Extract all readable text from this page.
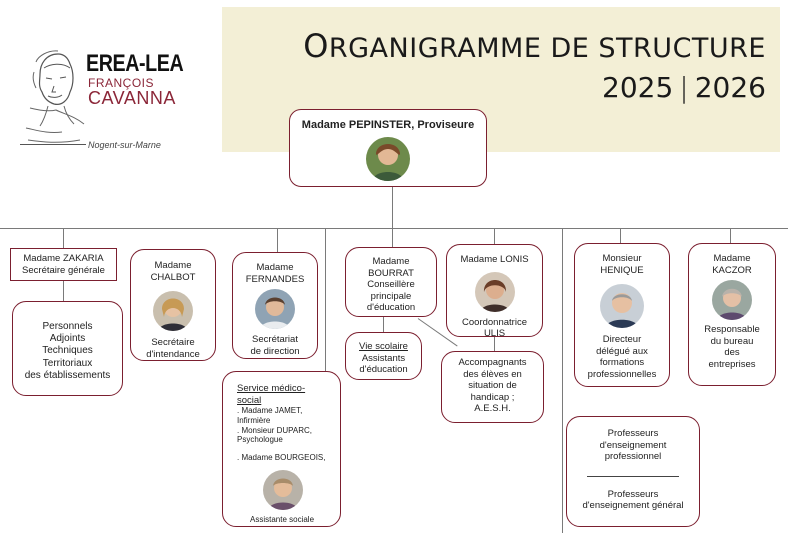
ORGANIGRAMME DE STRUCTURE
2025 | 2026
EREA-LEA
FRANÇOIS
CAVANNA
Nogent-sur-Marne
Madame PEPINSTER, Proviseure
Madame ZAKARIA
Secrétaire générale
Personnels
Adjoints
Techniques
Territoriaux
des établissements
Madame
CHALBOT
Secrétaire
d'intendance
Madame
FERNANDES
Secrétariat
de direction
Service médico-
social
. Madame JAMET,
Infirmière
. Monsieur DUPARC,
Psychologue
. Madame BOURGEOIS,
Assistante sociale
Madame
BOURRAT
Conseillère
principale
d'éducation
Vie scolaire
Assistants
d'éducation
Madame LONIS
Coordonnatrice
ULIS
Accompagnants
des élèves en
situation de
handicap ;
A.E.S.H.
Monsieur
HENIQUE
Directeur
délégué aux
formations
professionnelles
Madame
KACZOR
Responsable
du bureau
des
entreprises
Professeurs
d'enseignement
professionnel
Professeurs
d'enseignement général
